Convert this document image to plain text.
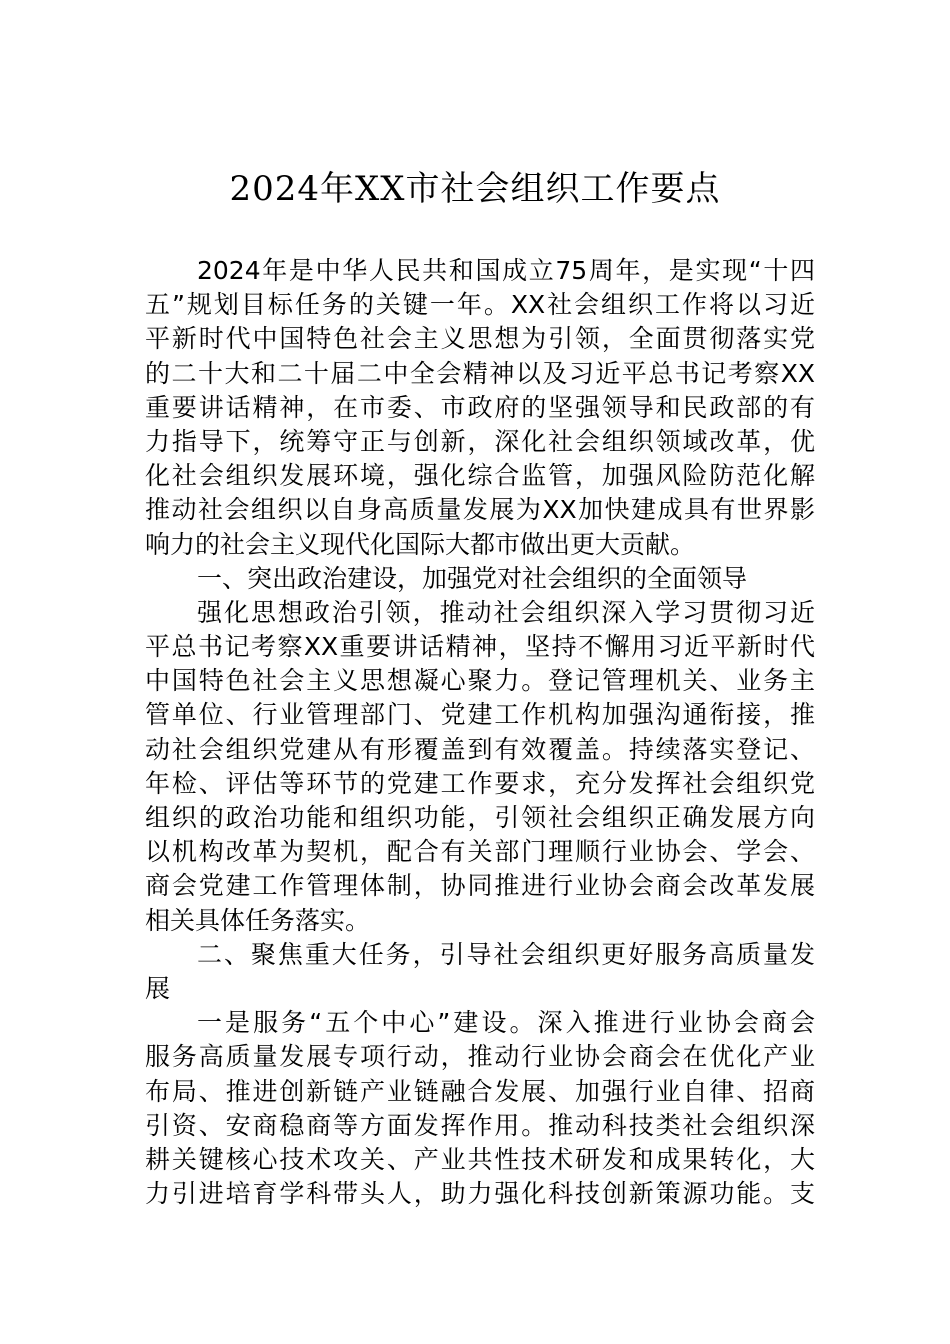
2024年XX市社会组织工作要点
2024年是中华人民共和国成立75周年，是实现“十四
五”规划目标任务的关键一年。XX社会组织工作将以习近
平新时代中国特色社会主义思想为引领，全面贯彻落实党
的二十大和二十届二中全会精神以及习近平总书记考察XX
重要讲话精神，在市委、市政府的坚强领导和民政部的有
力指导下，统筹守正与创新，深化社会组织领域改革，优
化社会组织发展环境，强化综合监管，加强风险防范化解
推动社会组织以自身高质量发展为XX加快建成具有世界影
响力的社会主义现代化国际大都市做出更大贡献。
一、突出政治建设，加强党对社会组织的全面领导
强化思想政治引领，推动社会组织深入学习贯彻习近
平总书记考察XX重要讲话精神，坚持不懈用习近平新时代
中国特色社会主义思想凝心聚力。登记管理机关、业务主
管单位、行业管理部门、党建工作机构加强沟通衔接，推
动社会组织党建从有形覆盖到有效覆盖。持续落实登记、
年检、评估等环节的党建工作要求，充分发挥社会组织党
组织的政治功能和组织功能，引领社会组织正确发展方向
以机构改革为契机，配合有关部门理顺行业协会、学会、
商会党建工作管理体制，协同推进行业协会商会改革发展
相关具体任务落实。
二、聚焦重大任务，引导社会组织更好服务高质量发
展
一是服务“五个中心”建设。深入推进行业协会商会
服务高质量发展专项行动，推动行业协会商会在优化产业
布局、推进创新链产业链融合发展、加强行业自律、招商
引资、安商稳商等方面发挥作用。推动科技类社会组织深
耕关键核心技术攻关、产业共性技术研发和成果转化，大
力引进培育学科带头人，助力强化科技创新策源功能。支
